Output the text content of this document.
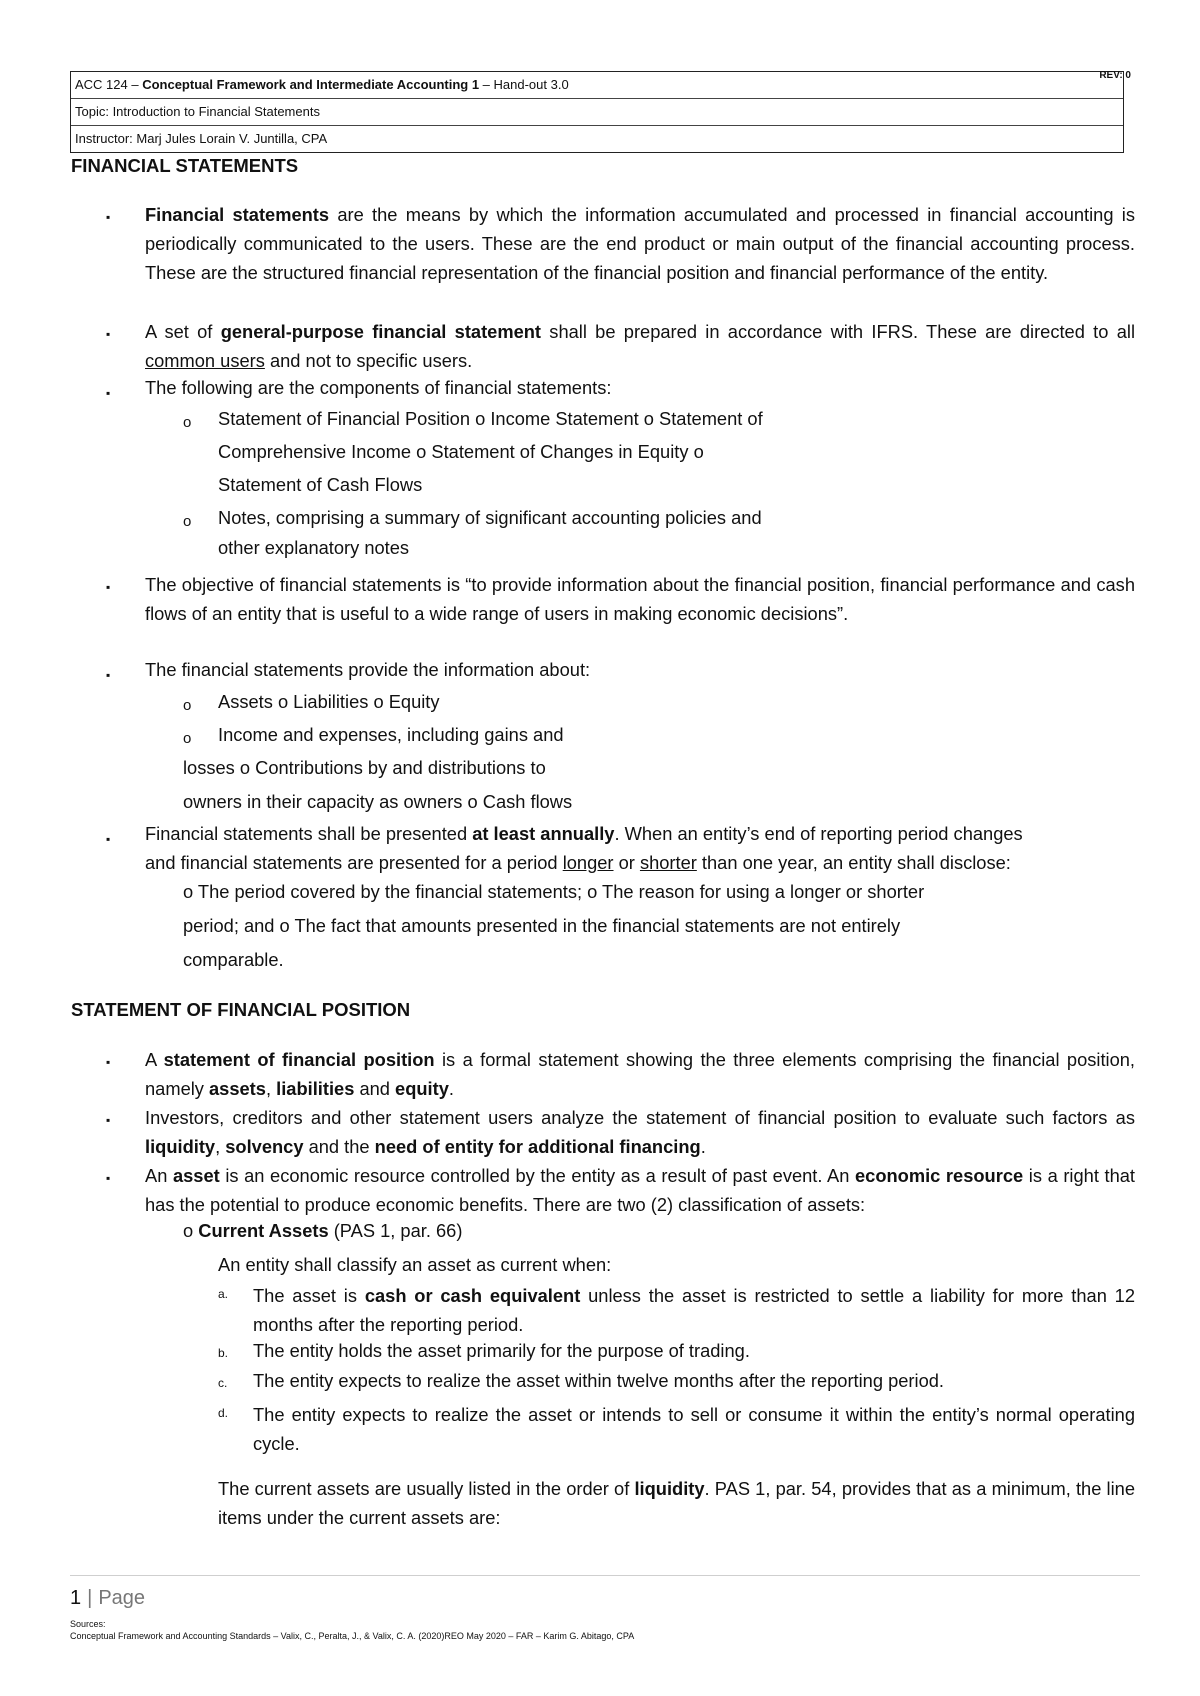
REV: 0
ACC 124 – Conceptual Framework and Intermediate Accounting 1 – Hand-out 3.0
Topic: Introduction to Financial Statements
Instructor: Marj Jules Lorain V. Juntilla, CPA
FINANCIAL STATEMENTS
▪ Financial statements are the means by which the information accumulated and processed in financial accounting is periodically communicated to the users. These are the end product or main output of the financial accounting process. These are the structured financial representation of the financial position and financial performance of the entity.
▪ A set of general-purpose financial statement shall be prepared in accordance with IFRS. These are directed to all common users and not to specific users.
▪ The following are the components of financial statements:
o Statement of Financial Position o Income Statement o Statement of
Comprehensive Income o Statement of Changes in Equity o
Statement of Cash Flows
o Notes, comprising a summary of significant accounting policies and
other explanatory notes
▪ The objective of financial statements is “to provide information about the financial position, financial performance and cash flows of an entity that is useful to a wide range of users in making economic decisions”.
▪ The financial statements provide the information about:
o Assets o Liabilities o Equity
o Income and expenses, including gains and
losses o Contributions by and distributions to
owners in their capacity as owners o Cash flows
▪ Financial statements shall be presented at least annually. When an entity’s end of reporting period changes
and financial statements are presented for a period longer or shorter than one year, an entity shall disclose:
o The period covered by the financial statements; o The reason for using a longer or shorter
period; and o The fact that amounts presented in the financial statements are not entirely
comparable.
STATEMENT OF FINANCIAL POSITION
▪ A statement of financial position is a formal statement showing the three elements comprising the financial position, namely assets, liabilities and equity.
▪ Investors, creditors and other statement users analyze the statement of financial position to evaluate such factors as liquidity, solvency and the need of entity for additional financing.
▪ An asset is an economic resource controlled by the entity as a result of past event. An economic resource is a right that has the potential to produce economic benefits. There are two (2) classification of assets:
o Current Assets (PAS 1, par. 66)
An entity shall classify an asset as current when:
a. The asset is cash or cash equivalent unless the asset is restricted to settle a liability for more than 12 months after the reporting period.
b. The entity holds the asset primarily for the purpose of trading.
c. The entity expects to realize the asset within twelve months after the reporting period.
d. The entity expects to realize the asset or intends to sell or consume it within the entity’s normal operating cycle.
The current assets are usually listed in the order of liquidity. PAS 1, par. 54, provides that as a minimum, the line items under the current assets are:
1 | Page
Sources:
Conceptual Framework and Accounting Standards – Valix, C., Peralta, J., & Valix, C. A. (2020)REO May 2020 – FAR – Karim G. Abitago, CPA
